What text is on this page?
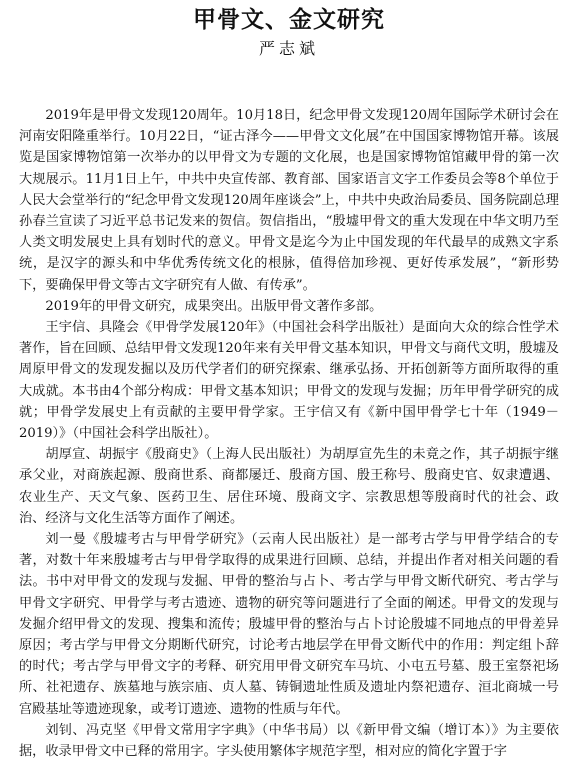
甲骨文、金文研究
严志斌

2019年是甲骨文发现120周年。10月18日，纪念甲骨文发现120周年国际学术研讨会在河南安阳隆重举行。10月22日，“证古泽今——甲骨文文化展”在中国国家博物馆开幕。该展览是国家博物馆第一次举办的以甲骨文为专题的文化展，也是国家博物馆馆藏甲骨的第一次大规展示。11月1日上午，中共中央宣传部、教育部、国家语言文字工作委员会等8个单位于人民大会堂举行的“纪念甲骨文发现120周年座谈会”上，中共中央政治局委员、国务院副总理孙春兰宣读了习近平总书记发来的贺信。贺信指出，“殷墟甲骨文的重大发现在中华文明乃至人类文明发展史上具有划时代的意义。甲骨文是迄今为止中国发现的年代最早的成熟文字系统，是汉字的源头和中华优秀传统文化的根脉，值得倍加珍视、更好传承发展”，“新形势下，要确保甲骨文等古文字研究有人做、有传承”。

2019年的甲骨文研究，成果突出。出版甲骨文著作多部。

王宇信、具隆会《甲骨学发展120年》（中国社会科学出版社）是面向大众的综合性学术著作，旨在回顾、总结甲骨文发现120年来有关甲骨文基本知识，甲骨文与商代文明，殷墟及周原甲骨文的发现发掘以及历代学者们的研究探索、继承弘扬、开拓创新等方面所取得的重大成就。本书由4个部分构成：甲骨文基本知识；甲骨文的发现与发掘；历年甲骨学研究的成就；甲骨学发展史上有贡献的主要甲骨学家。王宇信又有《新中国甲骨学七十年（1949－2019）》（中国社会科学出版社）。

胡厚宣、胡振宇《殷商史》（上海人民出版社）为胡厚宣先生的未竟之作，其子胡振宇继承父业，对商族起源、殷商世系、商都屡迁、殷商方国、殷王称号、殷商史官、奴隶遭遇、农业生产、天文气象、医药卫生、居住环境、殷商文字、宗教思想等殷商时代的社会、政治、经济与文化生活等方面作了阐述。

刘一曼《殷墟考古与甲骨学研究》（云南人民出版社）是一部考古学与甲骨学结合的专著，对数十年来殷墟考古与甲骨学取得的成果进行回顾、总结，并提出作者对相关问题的看法。书中对甲骨文的发现与发掘、甲骨的整治与占卜、考古学与甲骨文断代研究、考古学与甲骨文字研究、甲骨学与考古遗迹、遗物的研究等问题进行了全面的阐述。甲骨文的发现与发掘介绍甲骨文的发现、搜集和流传；殷墟甲骨的整治与占卜讨论殷墟不同地点的甲骨差异原因；考古学与甲骨文分期断代研究，讨论考古地层学在甲骨文断代中的作用：判定组卜辞的时代；考古学与甲骨文字的考释、研究用甲骨文研究车马坑、小屯五号墓、殷王室祭祀场所、社祀遗存、族墓地与族宗庙、贞人墓、铸铜遗址性质及遗址内祭祀遗存、洹北商城一号宫殿基址等遗迹现象，或考订遗迹、遗物的性质与年代。

刘钊、冯克坚《甲骨文常用字字典》（中华书局）以《新甲骨文编（增订本）》为主要依据，收录甲骨文中已释的常用字。字头使用繁体字规范字型，相对应的简化字置于字
